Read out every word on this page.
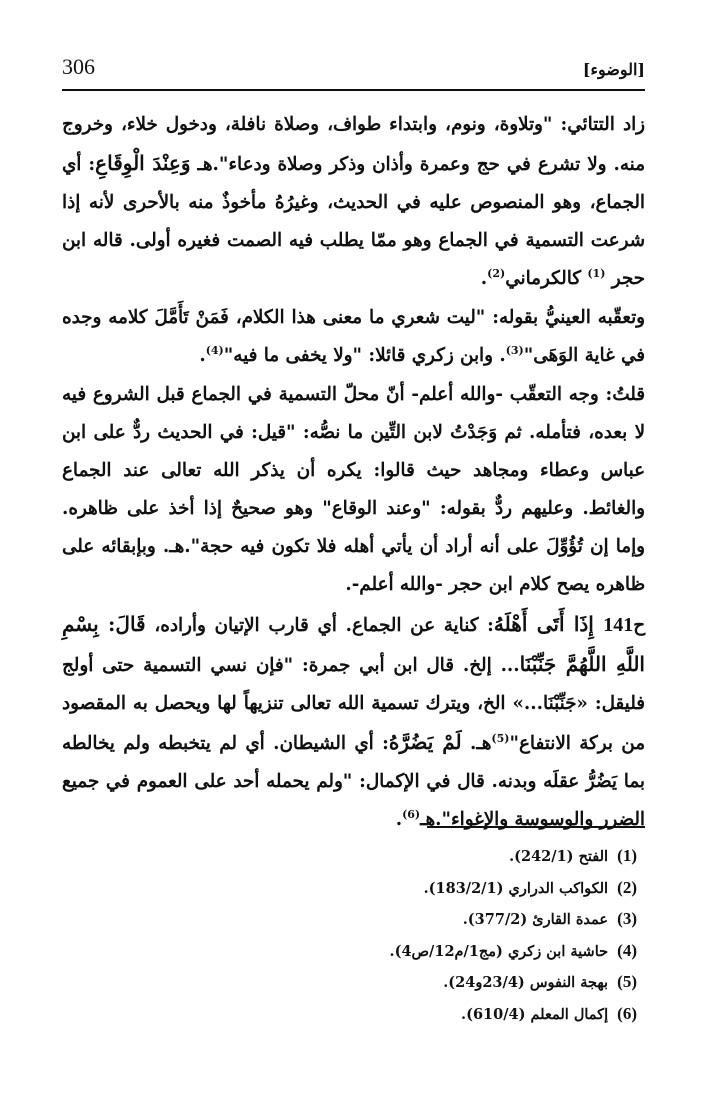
306	[الوضوء]

زاد التتائي: "وتلاوة، ونوم، وابتداء طواف، وصلاة نافلة، ودخول خلاء، وخروج منه. ولا تشرع في حج وعمرة وأذان وذكر وصلاة ودعاء".هـ وَعِنْدَ الْوِقَاعِ: أي الجماع، وهو المنصوص عليه في الحديث، وغيرُهُ مأخوذٌ منه بالأحرى لأنه إذا شرعت التسمية في الجماع وهو ممّا يطلب فيه الصمت فغيره أولى. قاله ابن حجر $^{(1)}$ كالكرماني$^{(2)}$.

وتعقّبه العينيُّ بقوله: "ليت شعري ما معنى هذا الكلام، فَمَنْ تَأَمَّلَ كلامه وجده في غاية الوَهَى"$^{(3)}$. وابن زكري قائلا: "ولا يخفى ما فيه"$^{(4)}$.

قلتُ: وجه التعقّب -والله أعلم- أنّ محلّ التسمية في الجماع قبل الشروع فيه لا بعده، فتأمله. ثم وَجَدْتُ لابن التِّين ما نصُّه: "قيل: في الحديث ردٌّ على ابن عباس وعطاء ومجاهد حيث قالوا: يكره أن يذكر الله تعالى عند الجماع والغائط. وعليهم ردٌّ بقوله: "وعند الوقاع" وهو صحيحٌ إذا أخذ على ظاهره. وإما إن تُؤُوِّلَ على أنه أراد أن يأتي أهله فلا تكون فيه حجة".هـ. وبإبقائه على ظاهره يصح كلام ابن حجر -والله أعلم-.

ح141 إِذَا أَتَى أَهْلَهُ: كناية عن الجماع. أي قارب الإتيان وأراده، قَالَ: بِسْمِ اللَّهِ اللَّهُمَّ جَنِّبْنَا... إلخ. قال ابن أبي جمرة: "فإن نسي التسمية حتى أولج فليقل: «جَنِّبْنَا...» الخ، ويترك تسمية الله تعالى تنزيهاً لها ويحصل به المقصود من بركة الانتفاع"$^{(5)}$هـ. لَمْ يَضُرَّهُ: أي الشيطان. أي لم يتخبطه ولم يخالطه بما يَضُرُّ عقلَه وبدنه. قال في الإكمال: "ولم يحمله أحد على العموم في جميع الضرر والوسوسة والإغواء".هـ$^{(6)}$.

(1) الفتح (242/1).
(2) الكواكب الدراري (183/2/1).
(3) عمدة القارئ (377/2).
(4) حاشية ابن زكري (مج1/م12/ص4).
(5) بهجة النفوس (23/4و24).
(6) إكمال المعلم (610/4).
